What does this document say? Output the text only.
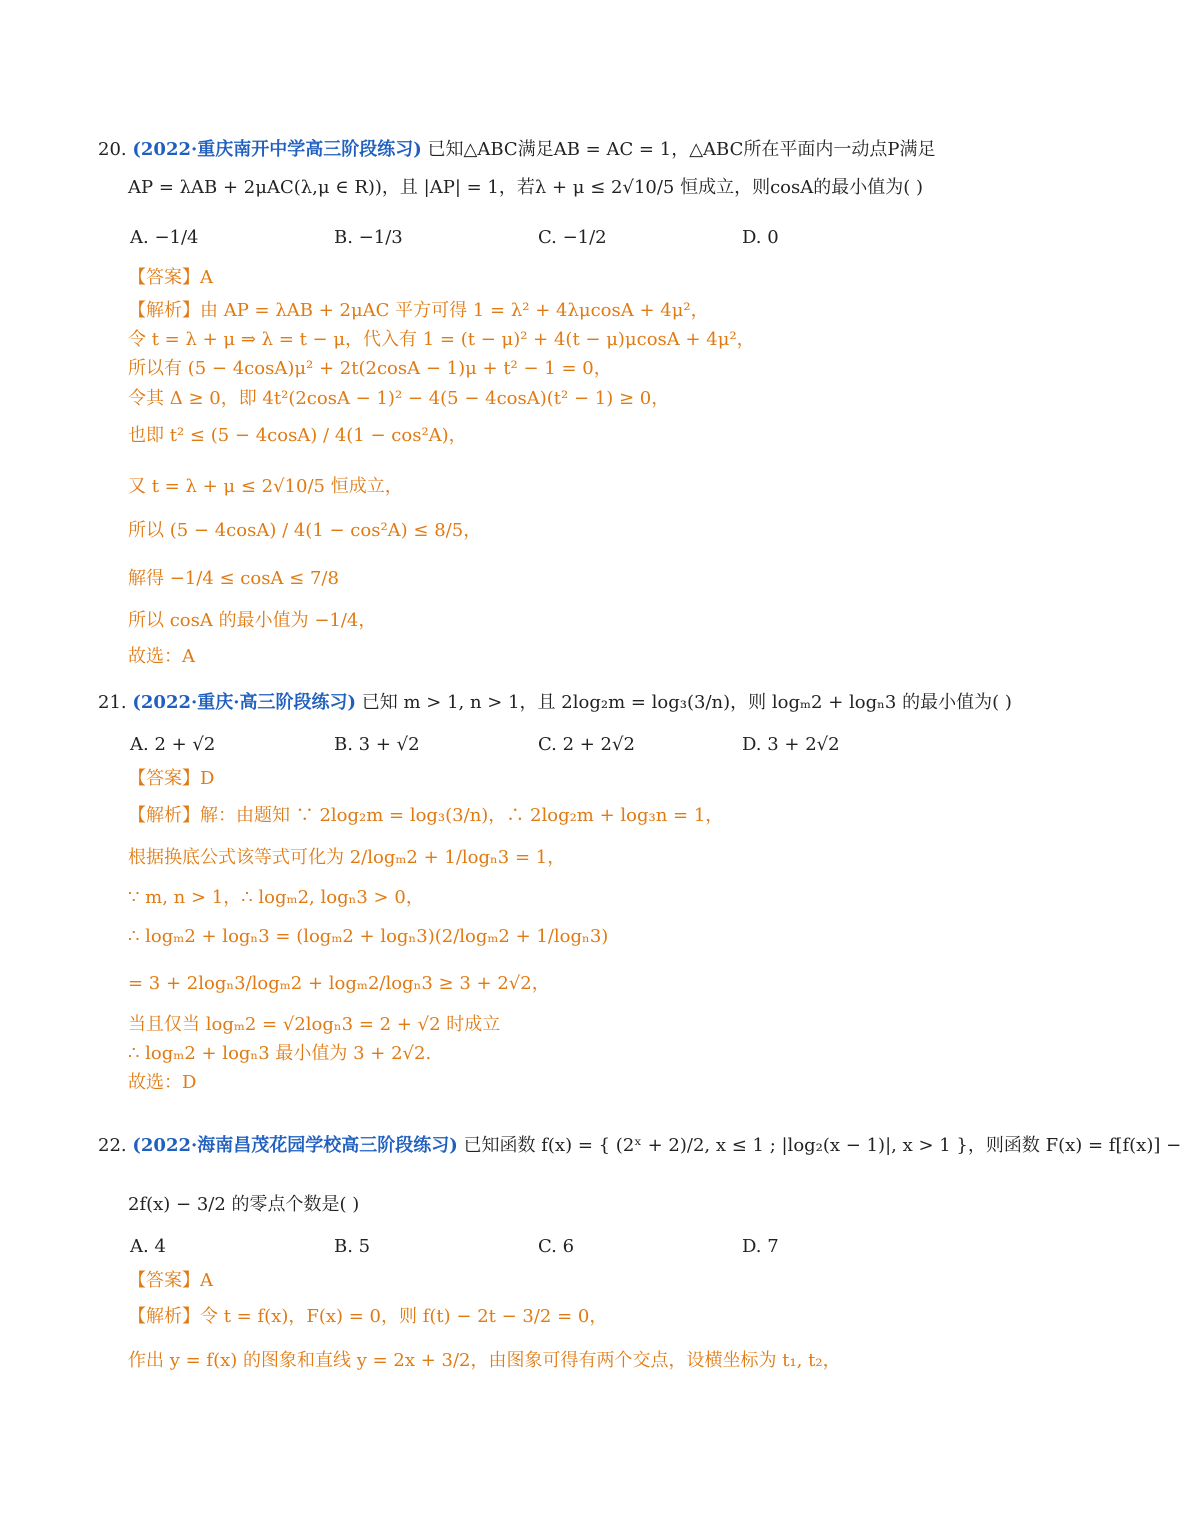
20. (2022·重庆南开中学高三阶段练习) 已知△ABC满足AB = AC = 1，△ABC所在平面内一动点P满足
AP = λAB + 2μAC(λ,μ ∈ R))，且 |AP| = 1，若λ + μ ≤ 2√10/5 恒成立，则cosA的最小值为( )
A. −1/4	B. −1/3	C. −1/2	D. 0
【答案】A
【解析】由 AP = λAB + 2μAC 平方可得 1 = λ² + 4λμcosA + 4μ²，
令 t = λ + μ ⇒ λ = t − μ，代入有 1 = (t − μ)² + 4(t − μ)μcosA + 4μ²，
所以有 (5 − 4cosA)μ² + 2t(2cosA − 1)μ + t² − 1 = 0，
令其 Δ ≥ 0，即 4t²(2cosA − 1)² − 4(5 − 4cosA)(t² − 1) ≥ 0，
也即 t² ≤ (5 − 4cosA) / 4(1 − cos²A)，
又 t = λ + μ ≤ 2√10/5 恒成立，
所以 (5 − 4cosA) / 4(1 − cos²A) ≤ 8/5，
解得 −1/4 ≤ cosA ≤ 7/8
所以 cosA 的最小值为 −1/4，
故选：A
21. (2022·重庆·高三阶段练习) 已知 m > 1, n > 1，且 2log₂m = log₃(3/n)，则 logₘ2 + logₙ3 的最小值为( )
A. 2 + √2	B. 3 + √2	C. 2 + 2√2	D. 3 + 2√2
【答案】D
【解析】解：由题知 ∵ 2log₂m = log₃(3/n)，∴ 2log₂m + log₃n = 1，
根据换底公式该等式可化为 2/logₘ2 + 1/logₙ3 = 1，
∵ m, n > 1，∴ logₘ2, logₙ3 > 0，
∴ logₘ2 + logₙ3 = (logₘ2 + logₙ3)(2/logₘ2 + 1/logₙ3)
= 3 + 2logₙ3/logₘ2 + logₘ2/logₙ3 ≥ 3 + 2√2，
当且仅当 logₘ2 = √2logₙ3 = 2 + √2 时成立
∴ logₘ2 + logₙ3 最小值为 3 + 2√2.
故选：D
22. (2022·海南昌茂花园学校高三阶段练习) 已知函数 f(x) = { (2ˣ + 2)/2, x ≤ 1 ; |log₂(x − 1)|, x > 1 }，则函数 F(x) = f[f(x)] −
2f(x) − 3/2 的零点个数是( )
A. 4	B. 5	C. 6	D. 7
【答案】A
【解析】令 t = f(x)，F(x) = 0，则 f(t) − 2t − 3/2 = 0，
作出 y = f(x) 的图象和直线 y = 2x + 3/2，由图象可得有两个交点，设横坐标为 t₁, t₂，
